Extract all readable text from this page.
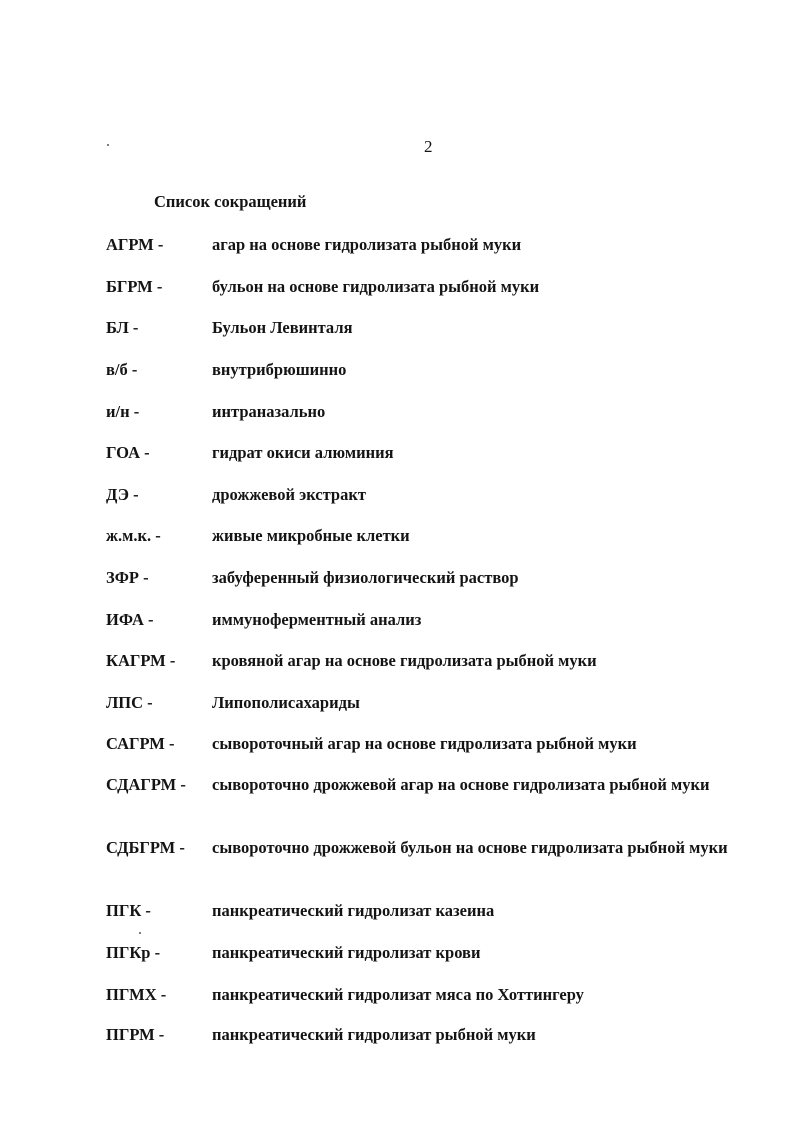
2
Список сокращений
АГРМ -	агар на основе гидролизата рыбной муки
БГРМ -	бульон на основе гидролизата рыбной муки
БЛ -	Бульон Левинталя
в/б -	внутрибрюшинно
и/н -	интраназально
ГОА -	гидрат окиси алюминия
ДЭ -	дрожжевой экстракт
ж.м.к. -	живые микробные клетки
ЗФР -	забуференный физиологический раствор
ИФА -	иммуноферментный анализ
КАГРМ - кровяной агар на основе гидролизата рыбной муки
ЛПС -	Липополисахариды
САГРМ - сывороточный агар на основе гидролизата рыбной муки
СДАГРМ - сывороточно дрожжевой агар на основе гидролизата рыбной муки
СДБГРМ - сывороточно дрожжевой бульон на основе гидролизата рыбной муки
ПГК -	панкреатический гидролизат казеина
ПГКр -	панкреатический гидролизат крови
ПГМХ -	панкреатический гидролизат мяса по Хоттингеру
ПГРМ -	панкреатический гидролизат рыбной муки
